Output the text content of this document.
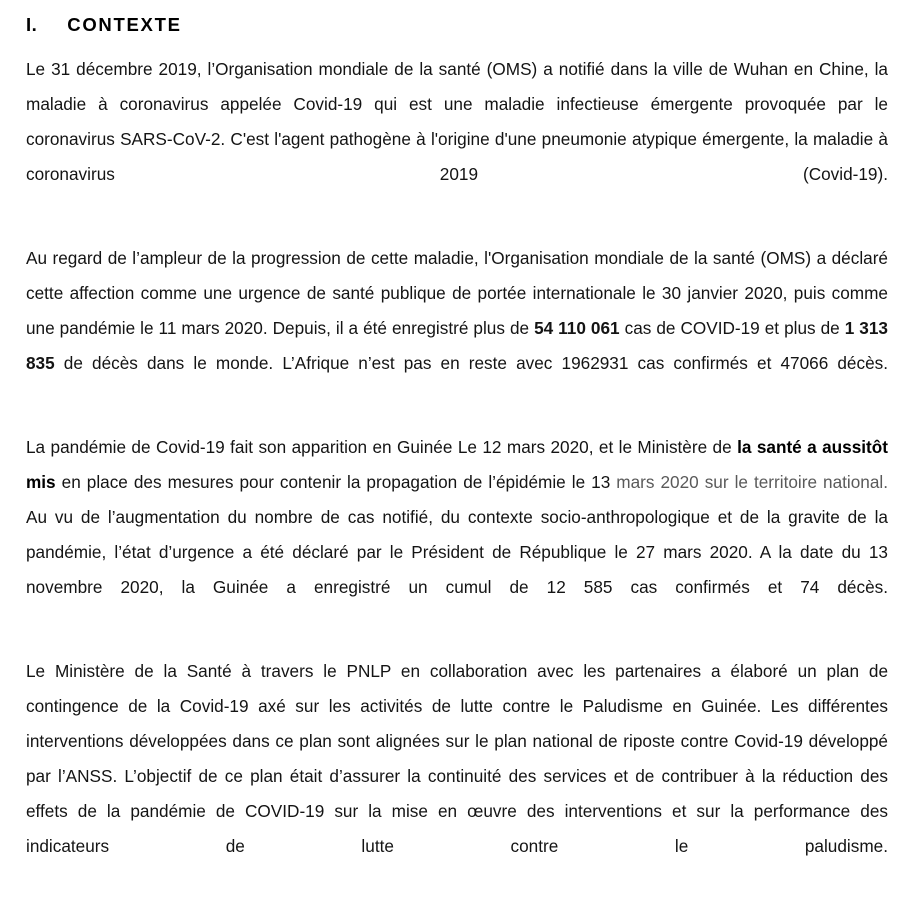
I. CONTEXTE

Le 31 décembre 2019, l’Organisation mondiale de la santé (OMS) a notifié dans la ville de Wuhan en Chine, la maladie à coronavirus appelée Covid-19 qui est une maladie infectieuse émergente provoquée par le coronavirus SARS-CoV-2. C'est l'agent pathogène à l'origine d'une pneumonie atypique émergente, la maladie à coronavirus 2019 (Covid-19).

Au regard de l’ampleur de la progression de cette maladie, l'Organisation mondiale de la santé (OMS) a déclaré cette affection comme une urgence de santé publique de portée internationale le 30 janvier 2020, puis comme une pandémie le 11 mars 2020. Depuis, il a été enregistré plus de 54 110 061 cas de COVID-19 et plus de 1 313 835 de décès dans le monde. L’Afrique n’est pas en reste avec 1962931 cas confirmés et 47066 décès.

La pandémie de Covid-19 fait son apparition en Guinée Le 12 mars 2020, et le Ministère de la santé a aussitôt mis en place des mesures pour contenir la propagation de l’épidémie le 13 mars 2020 sur le territoire national. Au vu de l’augmentation du nombre de cas notifié, du contexte socio-anthropologique et de la gravite de la pandémie, l’état d’urgence a été déclaré par le Président de République le 27 mars 2020. A la date du 13 novembre 2020, la Guinée a enregistré un cumul de 12 585 cas confirmés et 74 décès.

Le Ministère de la Santé à travers le PNLP en collaboration avec les partenaires a élaboré un plan de contingence de la Covid-19 axé sur les activités de lutte contre le Paludisme en Guinée. Les différentes interventions développées dans ce plan sont alignées sur le plan national de riposte contre Covid-19 développé par l’ANSS. L’objectif de ce plan était d’assurer la continuité des services et de contribuer à la réduction des effets de la pandémie de COVID-19 sur la mise en œuvre des interventions et sur la performance des indicateurs de lutte contre le paludisme.
